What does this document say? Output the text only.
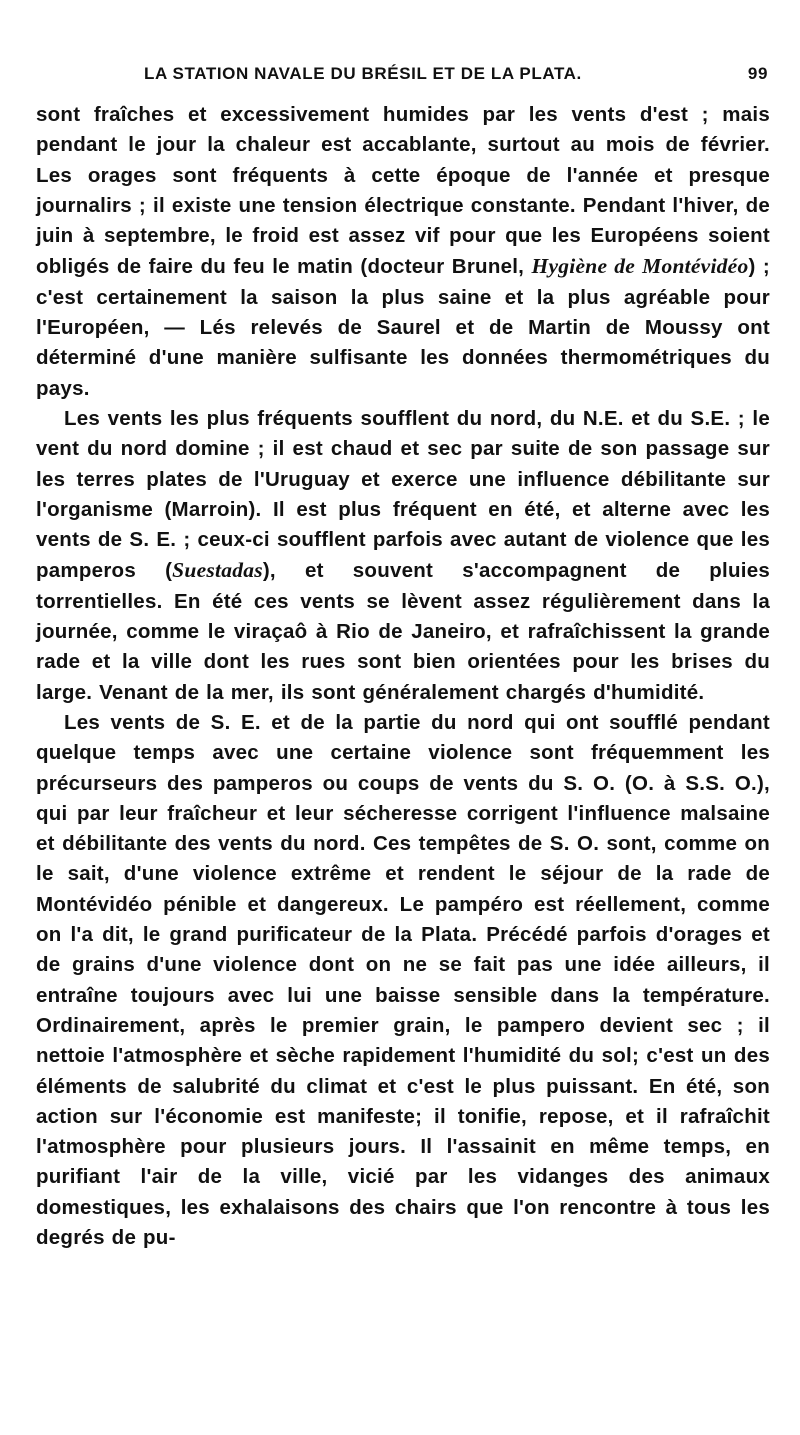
LA STATION NAVALE DU BRÉSIL ET DE LA PLATA.	99

sont fraîches et excessivement humides par les vents d'est ; mais pendant le jour la chaleur est accablante, surtout au mois de février. Les orages sont fréquents à cette époque de l'année et presque journalirs ; il existe une tension électrique constante. Pendant l'hiver, de juin à septembre, le froid est assez vif pour que les Européens soient obligés de faire du feu le matin (docteur Brunel, Hygiène de Montévidéo) ; c'est certainement la saison la plus saine et la plus agréable pour l'Européen, — Lés relevés de Saurel et de Martin de Moussy ont déterminé d'une manière sulfisante les données thermométriques du pays.

Les vents les plus fréquents soufflent du nord, du N.E. et du S.E. ; le vent du nord domine ; il est chaud et sec par suite de son passage sur les terres plates de l'Uruguay et exerce une influence débilitante sur l'organisme (Marroin). Il est plus fréquent en été, et alterne avec les vents de S. E. ; ceux-ci soufflent parfois avec autant de violence que les pamperos (Suestadas), et souvent s'accompagnent de pluies torrentielles. En été ces vents se lèvent assez régulièrement dans la journée, comme le viraçaô à Rio de Janeiro, et rafraîchissent la grande rade et la ville dont les rues sont bien orientées pour les brises du large. Venant de la mer, ils sont généralement chargés d'humidité.

Les vents de S. E. et de la partie du nord qui ont soufflé pendant quelque temps avec une certaine violence sont fréquemment les précurseurs des pamperos ou coups de vents du S. O. (O. à S.S. O.), qui par leur fraîcheur et leur sécheresse corrigent l'influence malsaine et débilitante des vents du nord. Ces tempêtes de S. O. sont, comme on le sait, d'une violence extrême et rendent le séjour de la rade de Montévidéo pénible et dangereux. Le pampéro est réellement, comme on l'a dit, le grand purificateur de la Plata. Précédé parfois d'orages et de grains d'une violence dont on ne se fait pas une idée ailleurs, il entraîne toujours avec lui une baisse sensible dans la température. Ordinairement, après le premier grain, le pampero devient sec ; il nettoie l'atmosphère et sèche rapidement l'humidité du sol; c'est un des éléments de salubrité du climat et c'est le plus puissant. En été, son action sur l'économie est manifeste; il tonifie, repose, et il rafraîchit l'atmosphère pour plusieurs jours. Il l'assainit en même temps, en purifiant l'air de la ville, vicié par les vidanges des animaux domestiques, les exhalaisons des chairs que l'on rencontre à tous les degrés de pu-
